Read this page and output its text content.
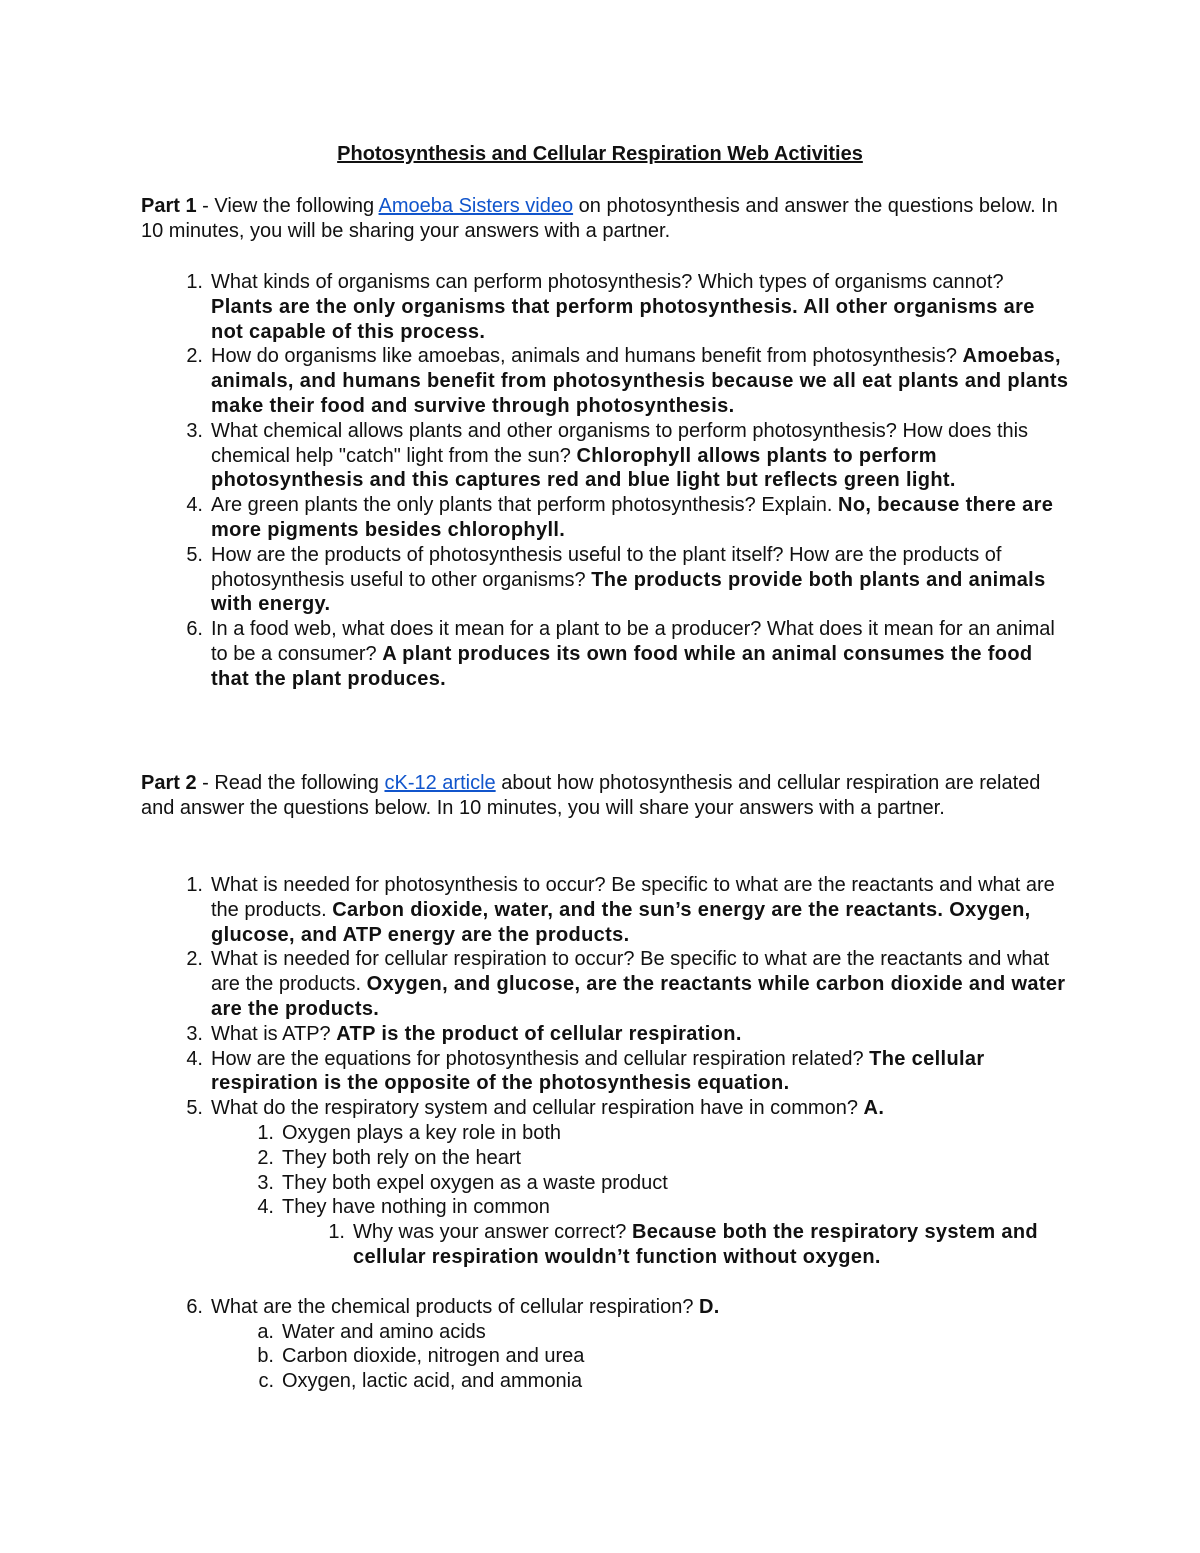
Photosynthesis and Cellular Respiration Web Activities
Part 1 - View the following Amoeba Sisters video on photosynthesis and answer the questions below. In 10 minutes, you will be sharing your answers with a partner.
1. What kinds of organisms can perform photosynthesis? Which types of organisms cannot? Plants are the only organisms that perform photosynthesis. All other organisms are not capable of this process.
2. How do organisms like amoebas, animals and humans benefit from photosynthesis? Amoebas, animals, and humans benefit from photosynthesis because we all eat plants and plants make their food and survive through photosynthesis.
3. What chemical allows plants and other organisms to perform photosynthesis? How does this chemical help "catch" light from the sun? Chlorophyll allows plants to perform photosynthesis and this captures red and blue light but reflects green light.
4. Are green plants the only plants that perform photosynthesis? Explain. No, because there are more pigments besides chlorophyll.
5. How are the products of photosynthesis useful to the plant itself? How are the products of photosynthesis useful to other organisms? The products provide both plants and animals with energy.
6. In a food web, what does it mean for a plant to be a producer? What does it mean for an animal to be a consumer? A plant produces its own food while an animal consumes the food that the plant produces.
Part 2 - Read the following cK-12 article about how photosynthesis and cellular respiration are related and answer the questions below. In 10 minutes, you will share your answers with a partner.
1. What is needed for photosynthesis to occur? Be specific to what are the reactants and what are the products. Carbon dioxide, water, and the sun’s energy are the reactants. Oxygen, glucose, and ATP energy are the products.
2. What is needed for cellular respiration to occur? Be specific to what are the reactants and what are the products. Oxygen, and glucose, are the reactants while carbon dioxide and water are the products.
3. What is ATP? ATP is the product of cellular respiration.
4. How are the equations for photosynthesis and cellular respiration related? The cellular respiration is the opposite of the photosynthesis equation.
5. What do the respiratory system and cellular respiration have in common? A.
1. Oxygen plays a key role in both
2. They both rely on the heart
3. They both expel oxygen as a waste product
4. They have nothing in common
1. Why was your answer correct? Because both the respiratory system and cellular respiration wouldn’t function without oxygen.
6. What are the chemical products of cellular respiration? D.
a. Water and amino acids
b. Carbon dioxide, nitrogen and urea
c. Oxygen, lactic acid, and ammonia
